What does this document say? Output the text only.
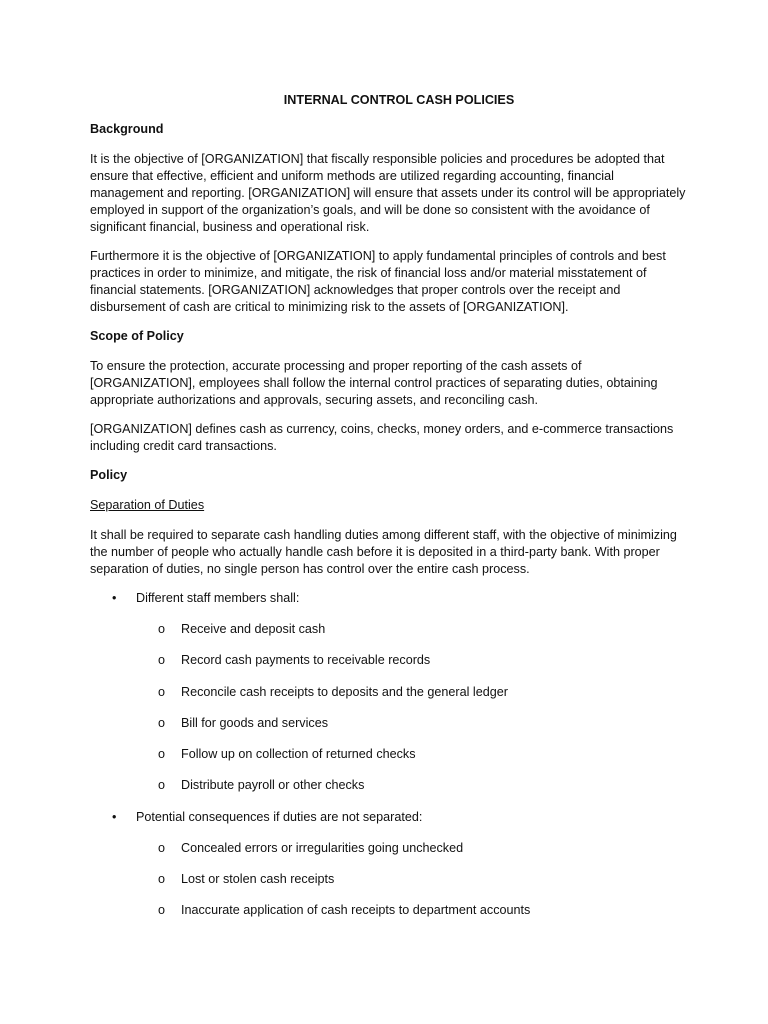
INTERNAL CONTROL CASH POLICIES
Background

It is the objective of [ORGANIZATION] that fiscally responsible policies and procedures be adopted that ensure that effective, efficient and uniform methods are utilized regarding accounting, financial management and reporting. [ORGANIZATION] will ensure that assets under its control will be appropriately employed in support of the organization’s goals, and will be done so consistent with the avoidance of significant financial, business and operational risk.

Furthermore it is the objective of [ORGANIZATION] to apply fundamental principles of controls and best practices in order to minimize, and mitigate, the risk of financial loss and/or material misstatement of financial statements. [ORGANIZATION] acknowledges that proper controls over the receipt and disbursement of cash are critical to minimizing risk to the assets of [ORGANIZATION].

Scope of Policy

To ensure the protection, accurate processing and proper reporting of the cash assets of [ORGANIZATION], employees shall follow the internal control practices of separating duties, obtaining appropriate authorizations and approvals, securing assets, and reconciling cash.

[ORGANIZATION] defines cash as currency, coins, checks, money orders, and e-commerce transactions including credit card transactions.

Policy
Separation of Duties

It shall be required to separate cash handling duties among different staff, with the objective of minimizing the number of people who actually handle cash before it is deposited in a third-party bank. With proper separation of duties, no single person has control over the entire cash process.

• Different staff members shall:
o Receive and deposit cash
o Record cash payments to receivable records
o Reconcile cash receipts to deposits and the general ledger
o Bill for goods and services
o Follow up on collection of returned checks
o Distribute payroll or other checks
• Potential consequences if duties are not separated:
o Concealed errors or irregularities going unchecked
o Lost or stolen cash receipts
o Inaccurate application of cash receipts to department accounts
